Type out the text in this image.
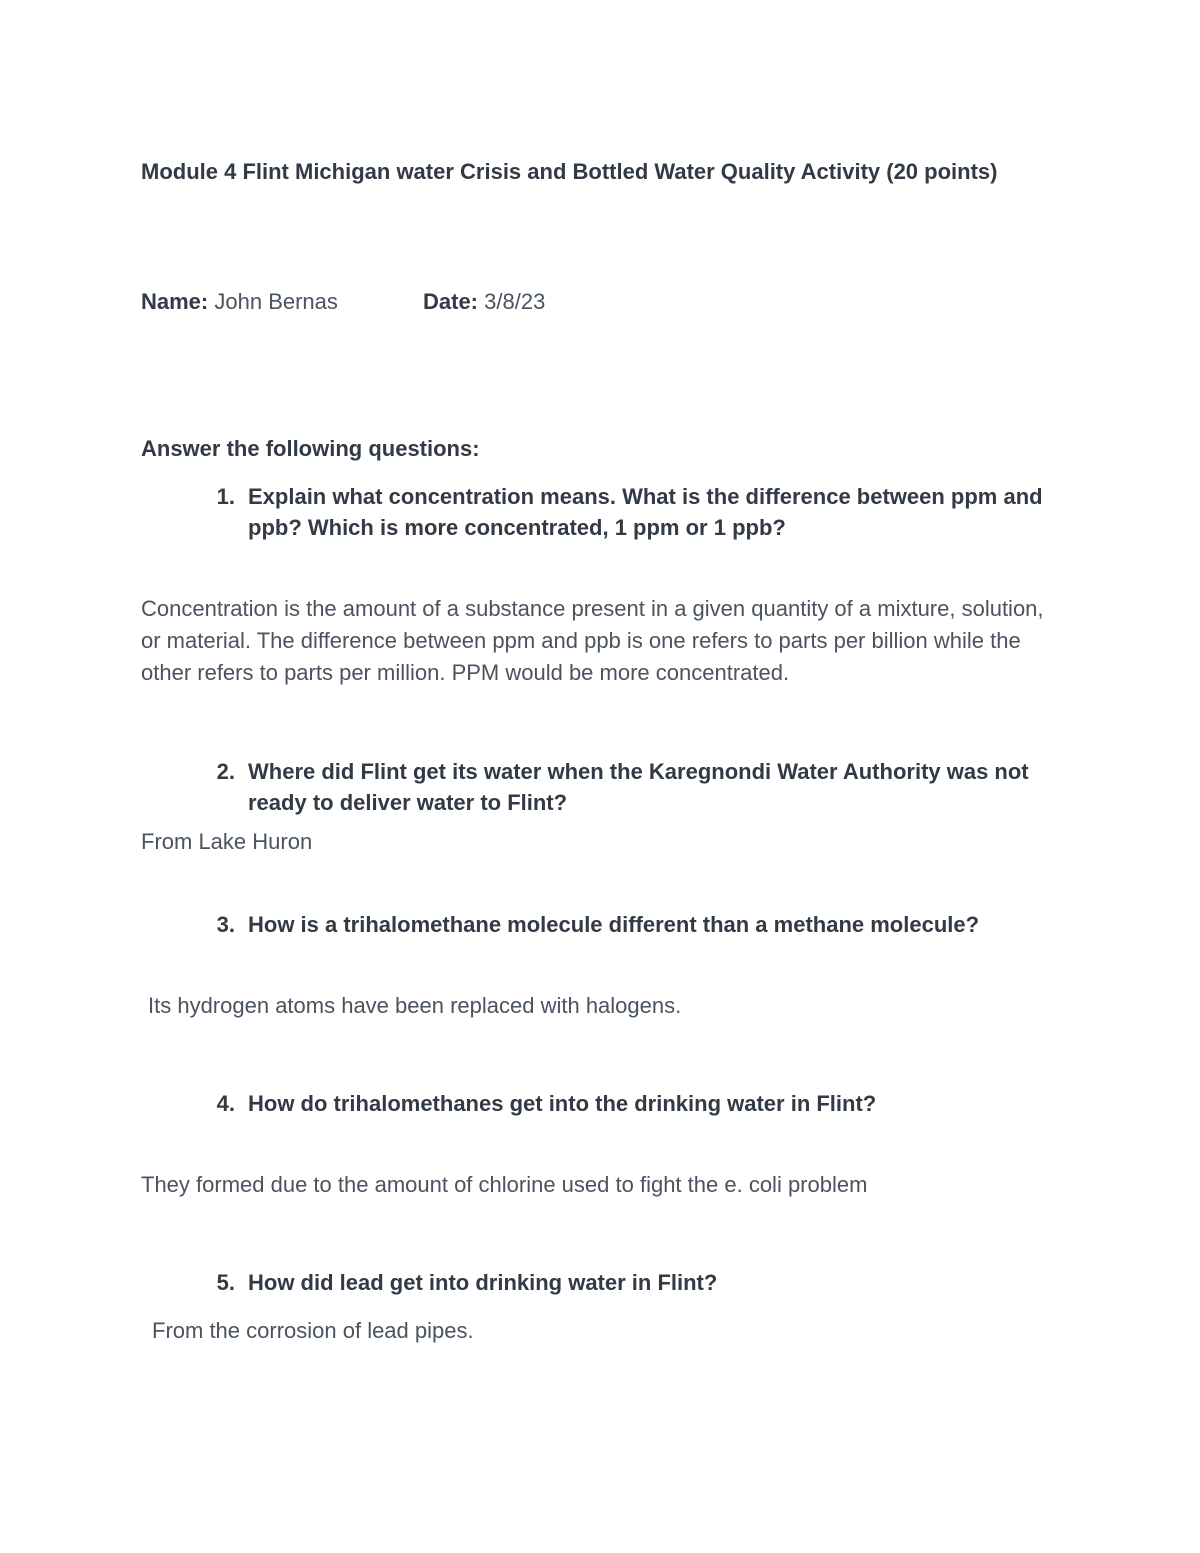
Module 4 Flint Michigan water Crisis and Bottled Water Quality Activity (20 points)
Name: John Bernas	Date: 3/8/23
Answer the following questions:
1. Explain what concentration means. What is the difference between ppm and ppb? Which is more concentrated, 1 ppm or 1 ppb?
Concentration is the amount of a substance present in a given quantity of a mixture, solution, or material. The difference between ppm and ppb is one refers to parts per billion while the other refers to parts per million. PPM would be more concentrated.
2. Where did Flint get its water when the Karegnondi Water Authority was not ready to deliver water to Flint?
From Lake Huron
3. How is a trihalomethane molecule different than a methane molecule?
Its hydrogen atoms have been replaced with halogens.
4. How do trihalomethanes get into the drinking water in Flint?
They formed due to the amount of chlorine used to fight the e. coli problem
5. How did lead get into drinking water in Flint?
From the corrosion of lead pipes.
